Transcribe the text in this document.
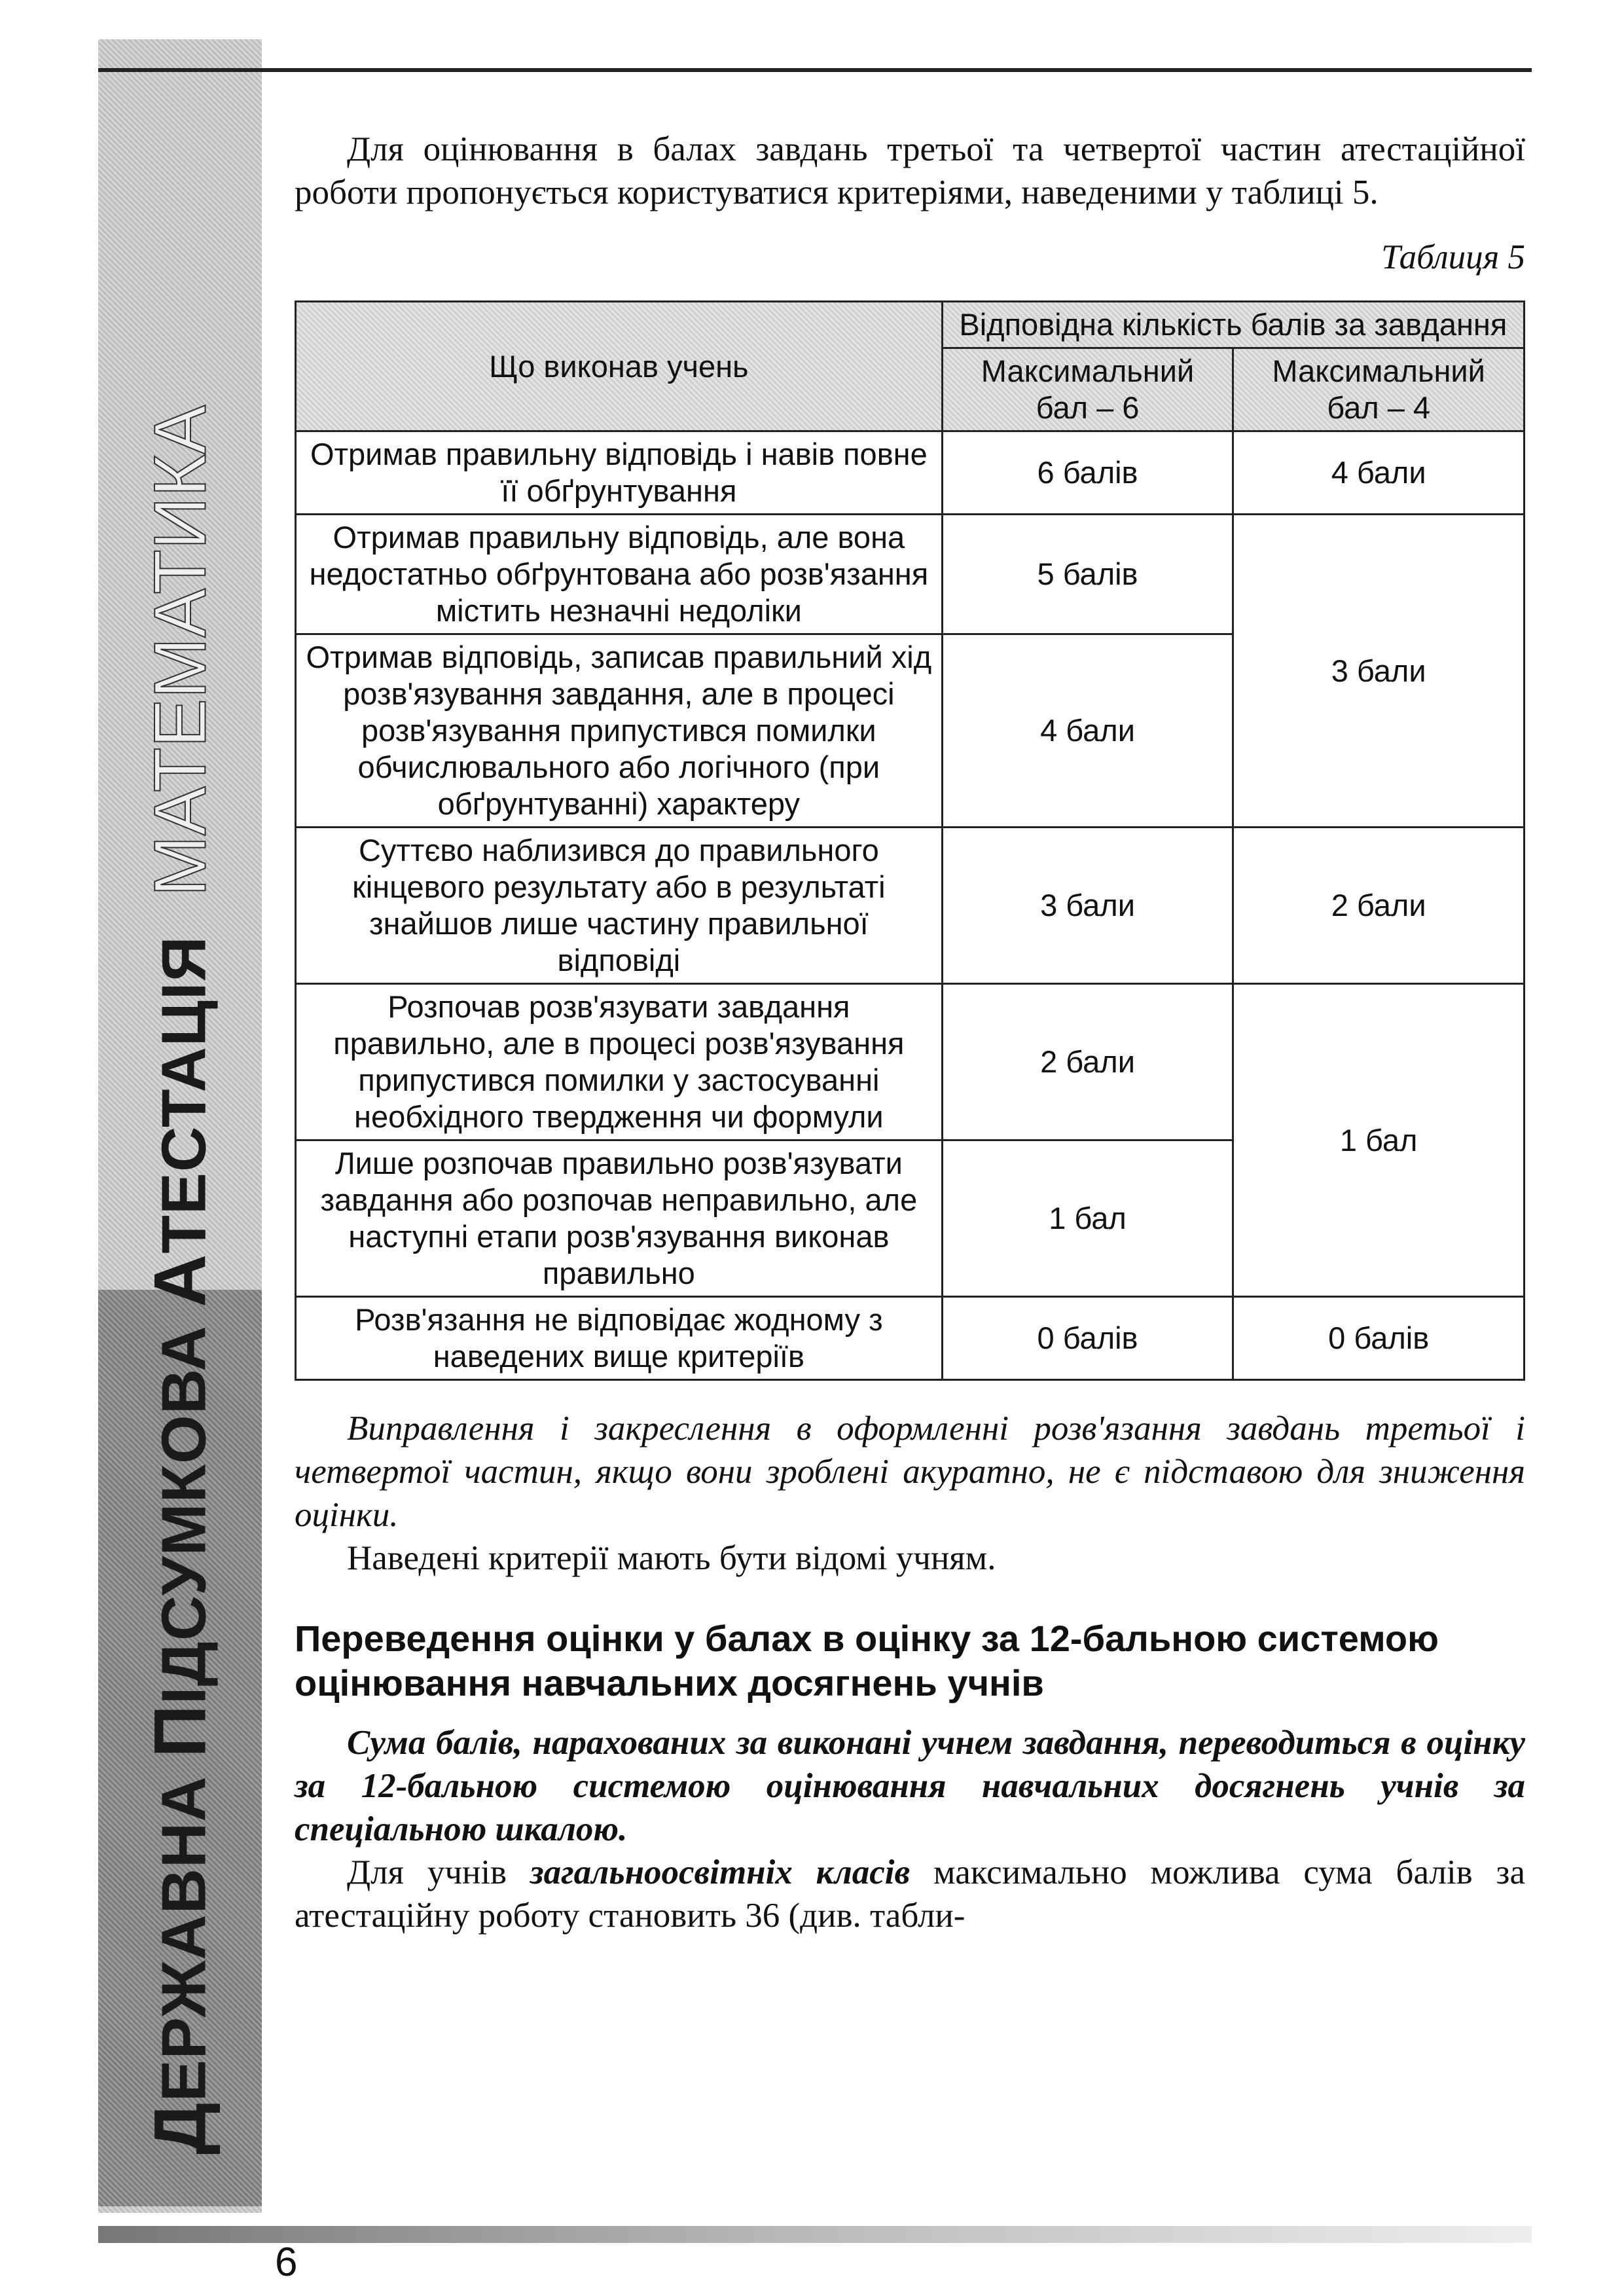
ДЕРЖАВНА ПІДСУМКОВА АТЕСТАЦІЯМАТЕМАТИКА

Для оцінювання в балах завдань третьої та четвертої частин атестаційної роботи пропонується користуватися критеріями, наведеними у таблиці 5.

Таблиця 5

Що виконав учень	Відповідна кількість балів за завдання	
	Максимальний бал – 6	Максимальний бал – 4
Отримав правильну відповідь і навів повне її обґрунтування	6 балів	4 бали
Отримав правильну відповідь, але вона недостатньо обґрунтована або розв'язання містить незначні недоліки	5 балів	3 бали
Отримав відповідь, записав правильний хід розв'язування завдання, але в процесі розв'язування припустився помилки обчислювального або логічного (при обґрунтуванні) характеру	4 бали	
Суттєво наблизився до правильного кінцевого результату або в результаті знайшов лише частину правильної відповіді	3 бали	2 бали
Розпочав розв'язувати завдання правильно, але в процесі розв'язування припустився помилки у застосуванні необхідного твердження чи формули	2 бали	1 бал
Лише розпочав правильно розв'язувати завдання або розпочав неправильно, але наступні етапи розв'язування виконав правильно	1 бал	
Розв'язання не відповідає жодному з наведених вище критеріїв	0 балів	0 балів

Виправлення і закреслення в оформленні розв'язання завдань третьої і четвертої частин, якщо вони зроблені акуратно, не є підставою для зниження оцінки.

Наведені критерії мають бути відомі учням.

Переведення оцінки у балах в оцінку за 12-бальною системою оцінювання навчальних досягнень учнів

Сума балів, нарахованих за виконані учнем завдання, переводиться в оцінку за 12-бальною системою оцінювання навчальних досягнень учнів за спеціальною шкалою.

Для учнів загальноосвітніх класів максимально можлива сума балів за атестаційну роботу становить 36 (див. табли-

6
